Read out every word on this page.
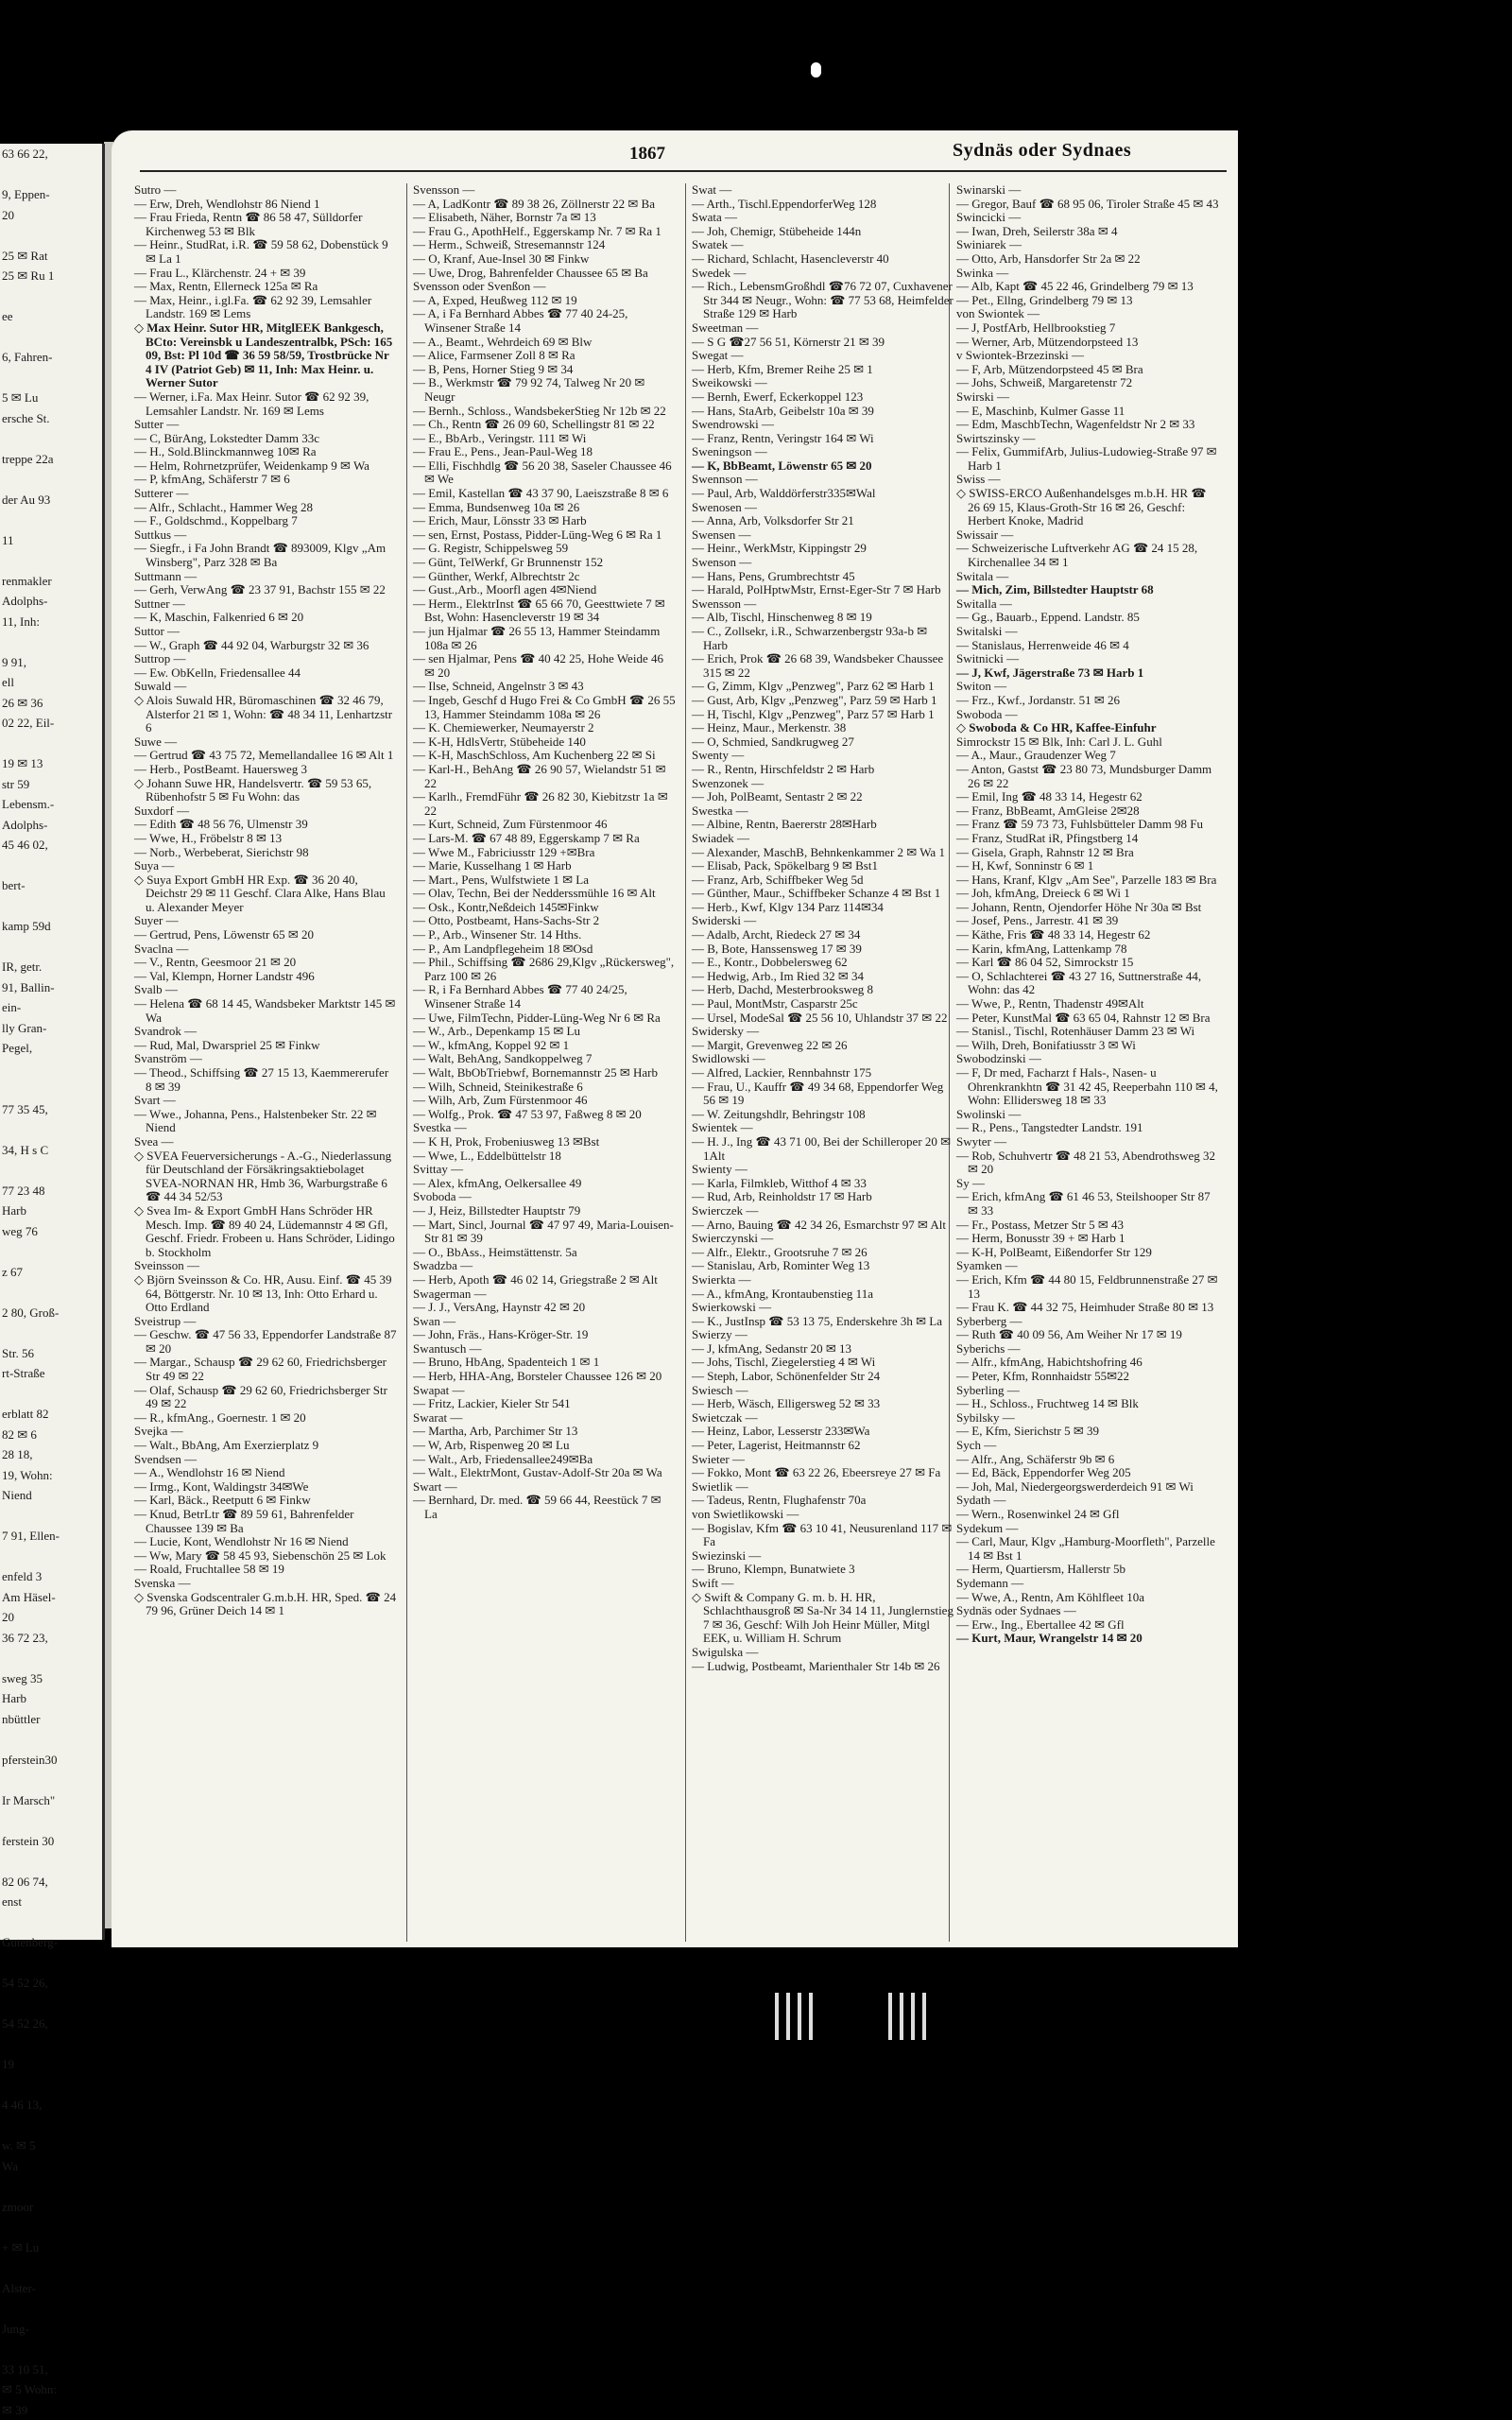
63 66 22,

9, Eppen-
20

25 ✉ Rat
25 ✉ Ru 1

ee

6, Fahren-

5 ✉ Lu
ersche St.

treppe 22a

der Au 93

11

renmakler
Adolphs-
11, Inh:

9 91,
ell
26 ✉ 36
02 22, Eil-

19 ✉ 13
str 59
Lebensm.-
Adolphs-
45 46 02,

bert-

kamp 59d

IR, getr.
91, Ballin-
ein-
lly Gran-
Pegel,

77 35 45,

34, H s C

77 23 48
Harb
weg 76

z 67

2 80, Groß-

Str. 56
rt-Straße

erblatt 82
82 ✉ 6
28 18,
19, Wohn:
Niend

7 91, Ellen-

enfeld 3
Am Häsel-
20
36 72 23,

sweg 35
Harb
nbüttler

pferstein30

Ir Marsch"

ferstein 30

82 06 74,
enst

Gutenberg-

54 52 26,

54 52 26,

19

4 46 13,

w. ✉ 5
Wa

zmoor

+ ✉ Lu

Alster-

Jung-

33 10 51,
✉ 5 Wohn:
✉ 39
1867	Sydnäs oder Sydnaes

Sutro —

— Erw, Dreh, Wendlohstr 86 Niend 1

— Frau Frieda, Rentn ☎ 86 58 47, Sülldorfer Kirchenweg 53 ✉ Blk

— Heinr., StudRat, i.R. ☎ 59 58 62, Dobenstück 9 ✉ La 1

— Frau L., Klärchenstr. 24 + ✉ 39

— Max, Rentn, Ellerneck 125a ✉ Ra

— Max, Heinr., i.gl.Fa. ☎ 62 92 39, Lemsahler Landstr. 169 ✉ Lems

◇ Max Heinr. Sutor HR, MitglEEK Bankgesch, BCto: Vereinsbk u Landeszentralbk, PSch: 165 09, Bst: Pl 10d ☎ 36 59 58/59, Trostbrücke Nr 4 IV (Patriot Geb) ✉ 11, Inh: Max Heinr. u. Werner Sutor

— Werner, i.Fa. Max Heinr. Sutor ☎ 62 92 39, Lemsahler Landstr. Nr. 169 ✉ Lems

Sutter —

— C, BürAng, Lokstedter Damm 33c

— H., Sold.Blinckmannweg 10✉ Ra

— Helm, Rohrnetzprüfer, Weidenkamp 9 ✉ Wa

— P, kfmAng, Schäferstr 7 ✉ 6

Sutterer —

— Alfr., Schlacht., Hammer Weg 28

— F., Goldschmd., Koppelbarg 7

Suttkus —

— Siegfr., i Fa John Brandt ☎ 893009, Klgv „Am Winsberg", Parz 328 ✉ Ba

Suttmann —

— Gerh, VerwAng ☎ 23 37 91, Bachstr 155 ✉ 22

Suttner —

— K, Maschin, Falkenried 6 ✉ 20

Suttor —

— W., Graph ☎ 44 92 04, Warburgstr 32 ✉ 36

Suttrop —

— Ew. ObKelln, Friedensallee 44

Suwald —

◇ Alois Suwald HR, Büromaschinen ☎ 32 46 79, Alsterfor 21 ✉ 1, Wohn: ☎ 48 34 11, Lenhartzstr 6

Suwe —

— Gertrud ☎ 43 75 72, Memellandallee 16 ✉ Alt 1

— Herb., PostBeamt. Hauersweg 3

◇ Johann Suwe HR, Handelsvertr. ☎ 59 53 65, Rübenhofstr 5 ✉ Fu Wohn: das

Suxdorf —

— Edith ☎ 48 56 76, Ulmenstr 39

— Wwe, H., Fröbelstr 8 ✉ 13

— Norb., Werbeberat, Sierichstr 98

Suya —

◇ Suya Export GmbH HR Exp. ☎ 36 20 40, Deichstr 29 ✉ 11 Geschf. Clara Alke, Hans Blau u. Alexander Meyer

Suyer —

— Gertrud, Pens, Löwenstr 65 ✉ 20

Svaclna —

— V., Rentn, Geesmoor 21 ✉ 20

— Val, Klempn, Horner Landstr 496

Svalb —

— Helena ☎ 68 14 45, Wandsbeker Marktstr 145 ✉ Wa

Svandrok —

— Rud, Mal, Dwarspriel 25 ✉ Finkw

Svanström —

— Theod., Schiffsing ☎ 27 15 13, Kaemmererufer 8 ✉ 39

Svart —

— Wwe., Johanna, Pens., Halstenbeker Str. 22 ✉ Niend

Svea —

◇ SVEA Feuerversicherungs - A.-G., Niederlassung für Deutschland der Försäkringsaktiebolaget SVEA-NORNAN HR, Hmb 36, Warburgstraße 6 ☎ 44 34 52/53

◇ Svea Im- & Export GmbH Hans Schröder HR Mesch. Imp. ☎ 89 40 24, Lüdemannstr 4 ✉ Gfl, Geschf. Friedr. Frobeen u. Hans Schröder, Lidingo b. Stockholm

Sveinsson —

◇ Björn Sveinsson & Co. HR, Ausu. Einf. ☎ 45 39 64, Böttgerstr. Nr. 10 ✉ 13, Inh: Otto Erhard u. Otto Erdland

Sveistrup —

— Geschw. ☎ 47 56 33, Eppendorfer Landstraße 87 ✉ 20

— Margar., Schausp ☎ 29 62 60, Friedrichsberger Str 49 ✉ 22

— Olaf, Schausp ☎ 29 62 60, Friedrichsberger Str 49 ✉ 22

— R., kfmAng., Goernestr. 1 ✉ 20

Svejka —

— Walt., BbAng, Am Exerzierplatz 9

Svendsen —

— A., Wendlohstr 16 ✉ Niend

— Irmg., Kont, Waldingstr 34✉We

— Karl, Bäck., Reetputt 6 ✉ Finkw

— Knud, BetrLtr ☎ 89 59 61, Bahrenfelder Chaussee 139 ✉ Ba

— Lucie, Kont, Wendlohstr Nr 16 ✉ Niend

— Ww, Mary ☎ 58 45 93, Siebenschön 25 ✉ Lok

— Roald, Fruchtallee 58 ✉ 19

Svenska —

◇ Svenska Godscentraler G.m.b.H. HR, Sped. ☎ 24 79 96, Grüner Deich 14 ✉ 1

Svensson —

— A, LadKontr ☎ 89 38 26, Zöllnerstr 22 ✉ Ba

— Elisabeth, Näher, Bornstr 7a ✉ 13

— Frau G., ApothHelf., Eggerskamp Nr. 7 ✉ Ra 1

— Herm., Schweiß, Stresemannstr 124

— O, Kranf, Aue-Insel 30 ✉ Finkw

— Uwe, Drog, Bahrenfelder Chaussee 65 ✉ Ba

Svensson oder Svenßon —

— A, Exped, Heußweg 112 ✉ 19

— A, i Fa Bernhard Abbes ☎ 77 40 24-25, Winsener Straße 14

— A., Beamt., Wehrdeich 69 ✉ Blw

— Alice, Farmsener Zoll 8 ✉ Ra

— B, Pens, Horner Stieg 9 ✉ 34

— B., Werkmstr ☎ 79 92 74, Talweg Nr 20 ✉ Neugr

— Bernh., Schloss., WandsbekerStieg Nr 12b ✉ 22

— Ch., Rentn ☎ 26 09 60, Schellingstr 81 ✉ 22

— E., BbArb., Veringstr. 111 ✉ Wi

— Frau E., Pens., Jean-Paul-Weg 18

— Elli, Fischhdlg ☎ 56 20 38, Saseler Chaussee 46 ✉ We

— Emil, Kastellan ☎ 43 37 90, Laeiszstraße 8 ✉ 6

— Emma, Bundsenweg 10a ✉ 26

— Erich, Maur, Lönsstr 33 ✉ Harb

— sen, Ernst, Postass, Pidder-Lüng-Weg 6 ✉ Ra 1

— G. Registr, Schippelsweg 59

— Günt, TelWerkf, Gr Brunnenstr 152

— Günther, Werkf, Albrechtstr 2c

— Gust.,Arb., Moorfl agen 4✉Niend

— Herm., ElektrInst ☎ 65 66 70, Geesttwiete 7 ✉ Bst, Wohn: Hasencleverstr 19 ✉ 34

— jun Hjalmar ☎ 26 55 13, Hammer Steindamm 108a ✉ 26

— sen Hjalmar, Pens ☎ 40 42 25, Hohe Weide 46 ✉ 20

— Ilse, Schneid, Angelnstr 3 ✉ 43

— Ingeb, Geschf d Hugo Frei & Co GmbH ☎ 26 55 13, Hammer Steindamm 108a ✉ 26

— K. Chemiewerker, Neumayerstr 2

— K-H, HdlsVertr, Stübeheide 140

— K-H, MaschSchloss, Am Kuchenberg 22 ✉ Si

— Karl-H., BehAng ☎ 26 90 57, Wielandstr 51 ✉ 22

— Karlh., FremdFühr ☎ 26 82 30, Kiebitzstr 1a ✉ 22

— Kurt, Schneid, Zum Fürstenmoor 46

— Lars-M. ☎ 67 48 89, Eggerskamp 7 ✉ Ra

— Wwe M., Fabriciusstr 129 +✉Bra

— Marie, Kusselhang 1 ✉ Harb

— Mart., Pens, Wulfstwiete 1 ✉ La

— Olav, Techn, Bei der Nedderssmühle 16 ✉ Alt

— Osk., Kontr,Neßdeich 145✉Finkw

— Otto, Postbeamt, Hans-Sachs-Str 2

— P., Arb., Winsener Str. 14 Hths.

— P., Am Landpflegeheim 18 ✉Osd

— Phil., Schiffsing ☎ 2686 29,Klgv „Rückersweg", Parz 100 ✉ 26

— R, i Fa Bernhard Abbes ☎ 77 40 24/25, Winsener Straße 14

— Uwe, FilmTechn, Pidder-Lüng-Weg Nr 6 ✉ Ra

— W., Arb., Depenkamp 15 ✉ Lu

— W., kfmAng, Koppel 92 ✉ 1

— Walt, BehAng, Sandkoppelweg 7

— Walt, BbObTriebwf, Bornemannstr 25 ✉ Harb

— Wilh, Schneid, Steinikestraße 6

— Wilh, Arb, Zum Fürstenmoor 46

— Wolfg., Prok. ☎ 47 53 97, Faßweg 8 ✉ 20

Svestka —

— K H, Prok, Frobeniusweg 13 ✉Bst

— Wwe, L., Eddelbüttelstr 18

Svittay —

— Alex, kfmAng, Oelkersallee 49

Svoboda —

— J, Heiz, Billstedter Hauptstr 79

— Mart, Sincl, Journal ☎ 47 97 49, Maria-Louisen-Str 81 ✉ 39

— O., BbAss., Heimstättenstr. 5a

Swadzba —

— Herb, Apoth ☎ 46 02 14, Griegstraße 2 ✉ Alt

Swagerman —

— J. J., VersAng, Haynstr 42 ✉ 20

Swan —

— John, Fräs., Hans-Kröger-Str. 19

Swantusch —

— Bruno, HbAng, Spadenteich 1 ✉ 1

— Herb, HHA-Ang, Borsteler Chaussee 126 ✉ 20

Swapat —

— Fritz, Lackier, Kieler Str 541

Swarat —

— Martha, Arb, Parchimer Str 13

— W, Arb, Rispenweg 20 ✉ Lu

— Walt., Arb, Friedensallee249✉Ba

— Walt., ElektrMont, Gustav-Adolf-Str 20a ✉ Wa

Swart —

— Bernhard, Dr. med. ☎ 59 66 44, Reestück 7 ✉ La

Swat —

— Arth., Tischl.EppendorferWeg 128

Swata —

— Joh, Chemigr, Stübeheide 144n

Swatek —

— Richard, Schlacht, Hasencleverstr 40

Swedek —

— Rich., LebensmGroßhdl ☎76 72 07, Cuxhavener Str 344 ✉ Neugr., Wohn: ☎ 77 53 68, Heimfelder Straße 129 ✉ Harb

Sweetman —

— S G ☎27 56 51, Körnerstr 21 ✉ 39

Swegat —

— Herb, Kfm, Bremer Reihe 25 ✉ 1

Sweikowski —

— Bernh, Ewerf, Eckerkoppel 123

— Hans, StaArb, Geibelstr 10a ✉ 39

Swendrowski —

— Franz, Rentn, Veringstr 164 ✉ Wi

Sweningson —

— K, BbBeamt, Löwenstr 65 ✉ 20

Swennson —

— Paul, Arb, Walddörferstr335✉Wal

Swenosen —

— Anna, Arb, Volksdorfer Str 21

Swensen —

— Heinr., WerkMstr, Kippingstr 29

Swenson —

— Hans, Pens, Grumbrechtstr 45

— Harald, PolHptwMstr, Ernst-Eger-Str 7 ✉ Harb

Swensson —

— Alb, Tischl, Hinschenweg 8 ✉ 19

— C., Zollsekr, i.R., Schwarzenbergstr 93a-b ✉ Harb

— Erich, Prok ☎ 26 68 39, Wandsbeker Chaussee 315 ✉ 22

— G, Zimm, Klgv „Penzweg", Parz 62 ✉ Harb 1

— Gust, Arb, Klgv „Penzweg", Parz 59 ✉ Harb 1

— H, Tischl, Klgv „Penzweg", Parz 57 ✉ Harb 1

— Heinz, Maur., Merkenstr. 38

— O, Schmied, Sandkrugweg 27

Swenty —

— R., Rentn, Hirschfeldstr 2 ✉ Harb

Swenzonek —

— Joh, PolBeamt, Sentastr 2 ✉ 22

Swestka —

— Albine, Rentn, Baererstr 28✉Harb

Swiadek —

— Alexander, MaschB, Behnkenkammer 2 ✉ Wa 1

— Elisab, Pack, Spökelbarg 9 ✉ Bst1

— Franz, Arb, Schiffbeker Weg 5d

— Günther, Maur., Schiffbeker Schanze 4 ✉ Bst 1

— Herb., Kwf, Klgv 134 Parz 114✉34

Swiderski —

— Adalb, Archt, Riedeck 27 ✉ 34

— B, Bote, Hanssensweg 17 ✉ 39

— E., Kontr., Dobbelersweg 62

— Hedwig, Arb., Im Ried 32 ✉ 34

— Herb, Dachd, Mesterbrooksweg 8

— Paul, MontMstr, Casparstr 25c

— Ursel, ModeSal ☎ 25 56 10, Uhlandstr 37 ✉ 22

Swidersky —

— Margit, Grevenweg 22 ✉ 26

Swidlowski —

— Alfred, Lackier, Rennbahnstr 175

— Frau, U., Kauffr ☎ 49 34 68, Eppendorfer Weg 56 ✉ 19

— W. Zeitungshdlr, Behringstr 108

Swientek —

— H. J., Ing ☎ 43 71 00, Bei der Schilleroper 20 ✉ 1Alt

Swienty —

— Karla, Filmkleb, Witthof 4 ✉ 33

— Rud, Arb, Reinholdstr 17 ✉ Harb

Swierczek —

— Arno, Bauing ☎ 42 34 26, Esmarchstr 97 ✉ Alt

Swierczynski —

— Alfr., Elektr., Grootsruhe 7 ✉ 26

— Stanislau, Arb, Rominter Weg 13

Swierkta —

— A., kfmAng, Krontaubenstieg 11a

Swierkowski —

— K., JustInsp ☎ 53 13 75, Enderskehre 3h ✉ La

Swierzy —

— J, kfmAng, Sedanstr 20 ✉ 13

— Johs, Tischl, Ziegelerstieg 4 ✉ Wi

— Steph, Labor, Schönenfelder Str 24

Swiesch —

— Herb, Wäsch, Elligersweg 52 ✉ 33

Swietczak —

— Heinz, Labor, Lesserstr 233✉Wa

— Peter, Lagerist, Heitmannstr 62

Swieter —

— Fokko, Mont ☎ 63 22 26, Ebeersreye 27 ✉ Fa

Swietlik —

— Tadeus, Rentn, Flughafenstr 70a

von Swietlikowski —

— Bogislav, Kfm ☎ 63 10 41, Neusurenland 117 ✉ Fa

Swiezinski —

— Bruno, Klempn, Bunatwiete 3

Swift —

◇ Swift & Company G. m. b. H. HR, Schlachthausgroß ✉ Sa-Nr 34 14 11, Junglernstieg 7 ✉ 36, Geschf: Wilh Joh Heinr Müller, Mitgl EEK, u. William H. Schrum

Swigulska —

— Ludwig, Postbeamt, Marienthaler Str 14b ✉ 26

Swinarski —

— Gregor, Bauf ☎ 68 95 06, Tiroler Straße 45 ✉ 43

Swincicki —

— Iwan, Dreh, Seilerstr 38a ✉ 4

Swiniarek —

— Otto, Arb, Hansdorfer Str 2a ✉ 22

Swinka —

— Alb, Kapt ☎ 45 22 46, Grindelberg 79 ✉ 13

— Pet., Ellng, Grindelberg 79 ✉ 13

von Swiontek —

— J, PostfArb, Hellbrookstieg 7

— Werner, Arb, Mützendorpsteed 13

v Swiontek-Brzezinski —

— F, Arb, Mützendorpsteed 45 ✉ Bra

— Johs, Schweiß, Margaretenstr 72

Swirski —

— E, Maschinb, Kulmer Gasse 11

— Edm, MaschbTechn, Wagenfeldstr Nr 2 ✉ 33

Swirtszinsky —

— Felix, GummifArb, Julius-Ludowieg-Straße 97 ✉ Harb 1

Swiss —

◇ SWISS-ERCO Außenhandelsges m.b.H. HR ☎ 26 69 15, Klaus-Groth-Str 16 ✉ 26, Geschf: Herbert Knoke, Madrid

Swissair —

— Schweizerische Luftverkehr AG ☎ 24 15 28, Kirchenallee 34 ✉ 1

Switala —

— Mich, Zim, Billstedter Hauptstr 68

Switalla —

— Gg., Bauarb., Eppend. Landstr. 85

Switalski —

— Stanislaus, Herrenweide 46 ✉ 4

Switnicki —

— J, Kwf, Jägerstraße 73 ✉ Harb 1

Switon —

— Frz., Kwf., Jordanstr. 51 ✉ 26

Swoboda —

◇ Swoboda & Co HR, Kaffee-Einfuhr

Simrockstr 15 ✉ Blk, Inh: Carl J. L. Guhl

— A., Maur., Graudenzer Weg 7

— Anton, Gastst ☎ 23 80 73, Mundsburger Damm 26 ✉ 22

— Emil, Ing ☎ 48 33 14, Hegestr 62

— Franz, BbBeamt, AmGleise 2✉28

— Franz ☎ 59 73 73, Fuhlsbütteler Damm 98 Fu

— Franz, StudRat iR, Pfingstberg 14

— Gisela, Graph, Rahnstr 12 ✉ Bra

— H, Kwf, Sonninstr 6 ✉ 1

— Hans, Kranf, Klgv „Am See", Parzelle 183 ✉ Bra

— Joh, kfmAng, Dreieck 6 ✉ Wi 1

— Johann, Rentn, Ojendorfer Höhe Nr 30a ✉ Bst

— Josef, Pens., Jarrestr. 41 ✉ 39

— Käthe, Fris ☎ 48 33 14, Hegestr 62

— Karin, kfmAng, Lattenkamp 78

— Karl ☎ 86 04 52, Simrockstr 15

— O, Schlachterei ☎ 43 27 16, Suttnerstraße 44, Wohn: das 42

— Wwe, P., Rentn, Thadenstr 49✉Alt

— Peter, KunstMal ☎ 63 65 04, Rahnstr 12 ✉ Bra

— Stanisl., Tischl, Rotenhäuser Damm 23 ✉ Wi

— Wilh, Dreh, Bonifatiusstr 3 ✉ Wi

Swobodzinski —

— F, Dr med, Facharzt f Hals-, Nasen- u Ohrenkrankhtn ☎ 31 42 45, Reeperbahn 110 ✉ 4, Wohn: Ellidersweg 18 ✉ 33

Swolinski —

— R., Pens., Tangstedter Landstr. 191

Swyter —

— Rob, Schuhvertr ☎ 48 21 53, Abendrothsweg 32 ✉ 20

Sy —

— Erich, kfmAng ☎ 61 46 53, Steilshooper Str 87 ✉ 33

— Fr., Postass, Metzer Str 5 ✉ 43

— Herm, Bonusstr 39 + ✉ Harb 1

— K-H, PolBeamt, Eißendorfer Str 129

Syamken —

— Erich, Kfm ☎ 44 80 15, Feldbrunnenstraße 27 ✉ 13

— Frau K. ☎ 44 32 75, Heimhuder Straße 80 ✉ 13

Syberberg —

— Ruth ☎ 40 09 56, Am Weiher Nr 17 ✉ 19

Syberichs —

— Alfr., kfmAng, Habichtshofring 46

— Peter, Kfm, Ronnhaidstr 55✉22

Syberling —

— H., Schloss., Fruchtweg 14 ✉ Blk

Sybilsky —

— E, Kfm, Sierichstr 5 ✉ 39

Sych —

— Alfr., Ang, Schäferstr 9b ✉ 6

— Ed, Bäck, Eppendorfer Weg 205

— Joh, Mal, Niedergeorgswerderdeich 91 ✉ Wi

Sydath —

— Wern., Rosenwinkel 24 ✉ Gfl

Sydekum —

— Carl, Maur, Klgv „Hamburg-Moorfleth", Parzelle 14 ✉ Bst 1

— Herm, Quartiersm, Hallerstr 5b

Sydemann —

— Wwe, A., Rentn, Am Köhlfleet 10a

Sydnäs oder Sydnaes —

— Erw., Ing., Ebertallee 42 ✉ Gfl

— Kurt, Maur, Wrangelstr 14 ✉ 20
